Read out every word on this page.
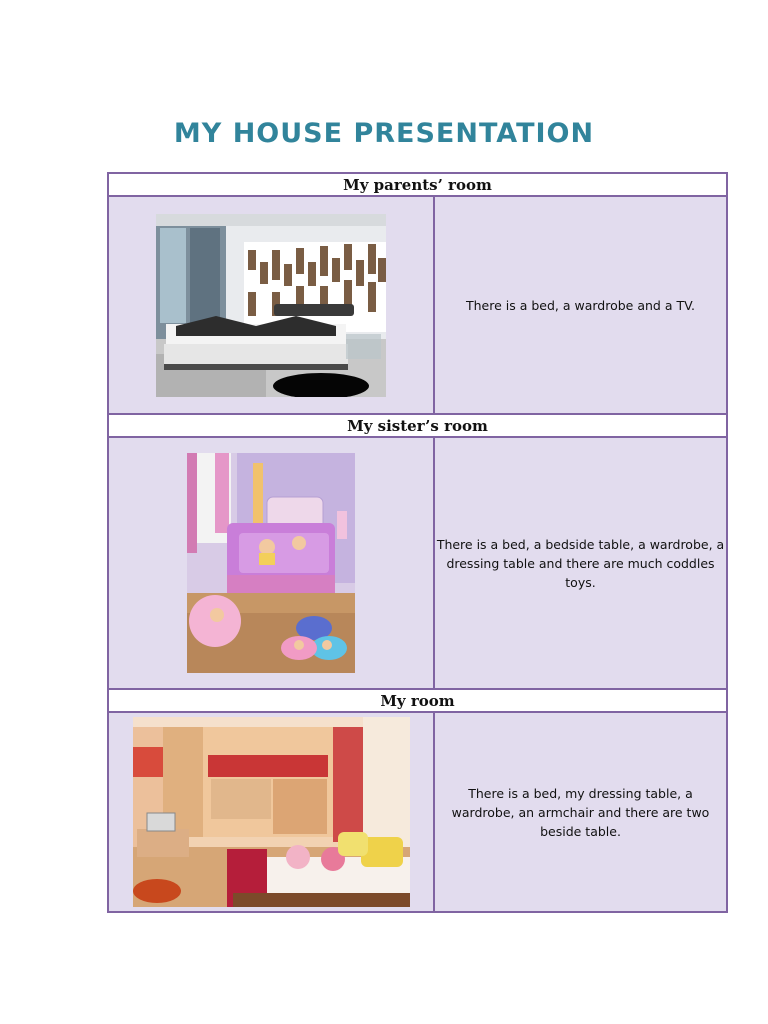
MY HOUSE PRESENTATION
My parents’ room	

	There is a bed, a wardrobe and a TV.
My sister’s room	

	There is a bed, a bedside table, a wardrobe, a dressing table and there are much coddles toys.
My room	

	There is a bed, my dressing table, a wardrobe, an armchair and there are two beside table.
